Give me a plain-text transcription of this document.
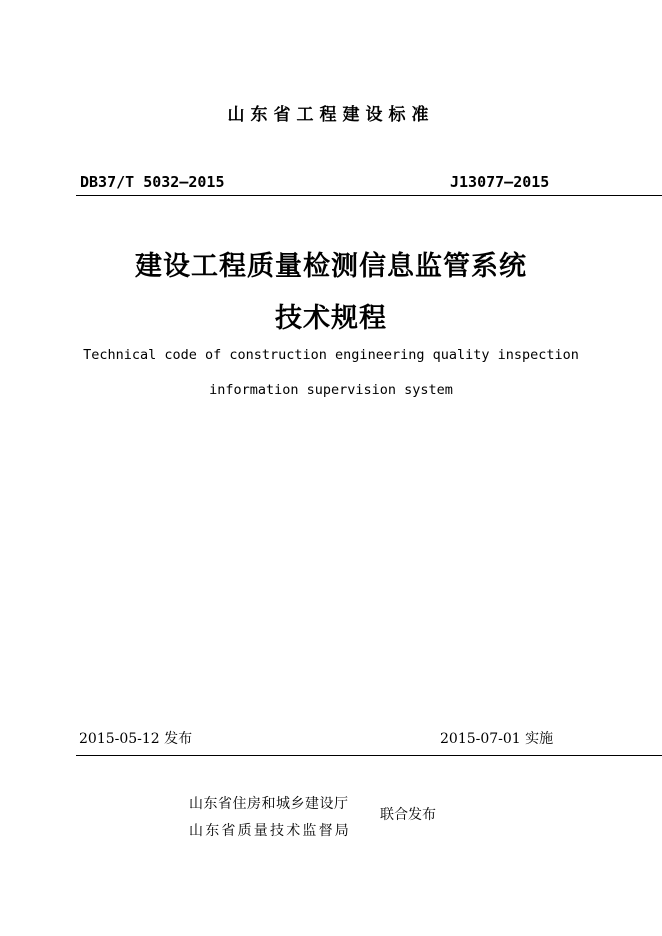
山东省工程建设标准
DB37/T 5032—2015	J13077—2015
建设工程质量检测信息监管系统
技术规程
Technical code of construction engineering quality inspection
information supervision system
2015-05-12 发布	2015-07-01 实施
山东省住房和城乡建设厅
山东省质量技术监督局
联合发布
